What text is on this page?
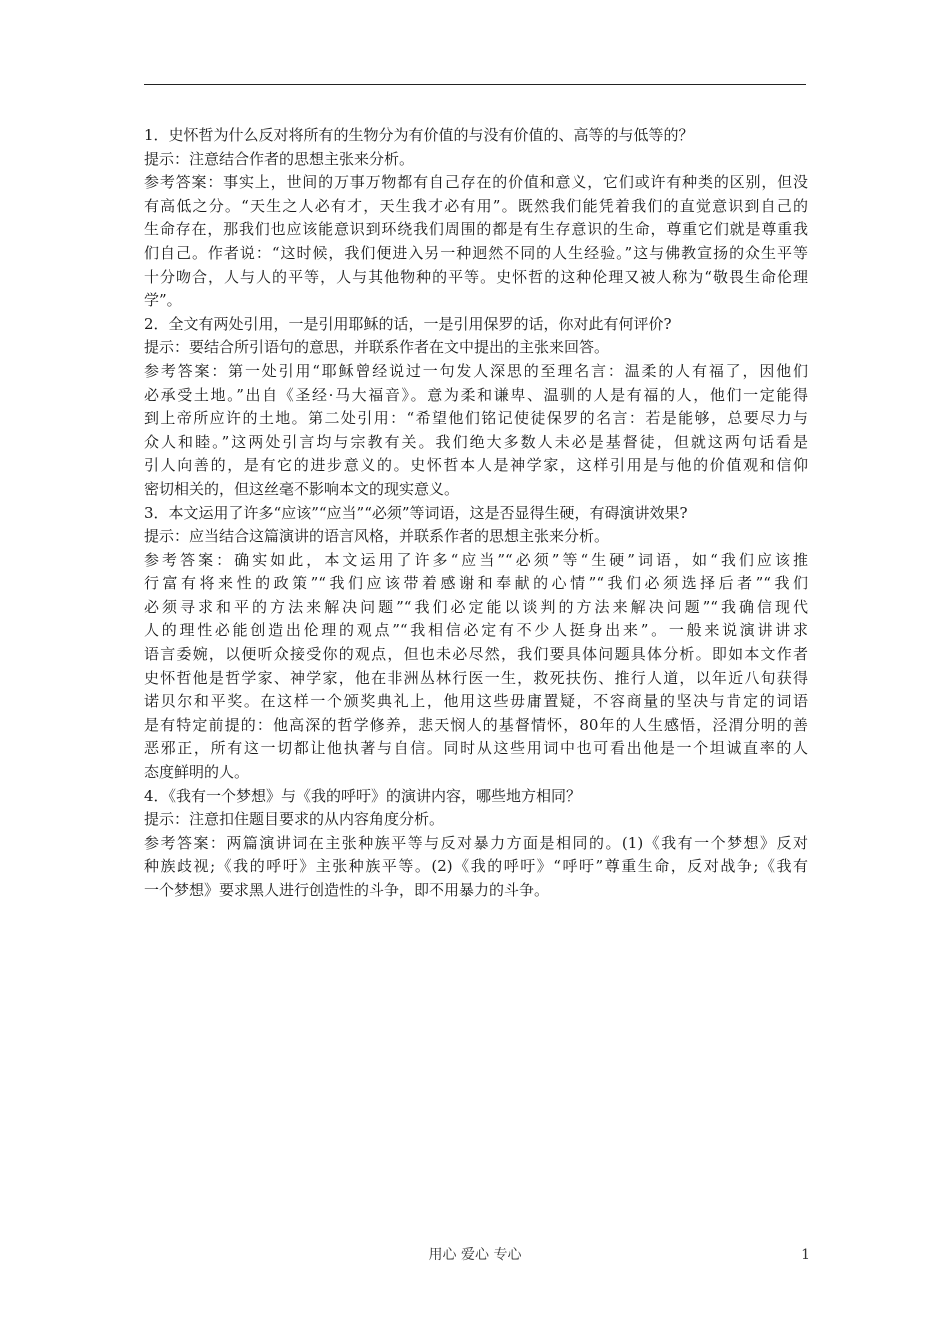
1．史怀哲为什么反对将所有的生物分为有价值的与没有价值的、高等的与低等的？
提示：注意结合作者的思想主张来分析。
参考答案：事实上，世间的万事万物都有自己存在的价值和意义，它们或许有种类的区别，但没
有高低之分。“天生之人必有才，天生我才必有用”。既然我们能凭着我们的直觉意识到自己的
生命存在，那我们也应该能意识到环绕我们周围的都是有生存意识的生命，尊重它们就是尊重我
们自己。作者说：“这时候，我们便进入另一种迥然不同的人生经验。”这与佛教宣扬的众生平等
十分吻合，人与人的平等，人与其他物种的平等。史怀哲的这种伦理又被人称为“敬畏生命伦理
学”。
2．全文有两处引用，一是引用耶稣的话，一是引用保罗的话，你对此有何评价?
提示：要结合所引语句的意思，并联系作者在文中提出的主张来回答。
参考答案：第一处引用“耶稣曾经说过一句发人深思的至理名言：温柔的人有福了，因他们
必承受土地。”出自《圣经·马大福音》。意为柔和谦卑、温驯的人是有福的人，他们一定能得
到上帝所应许的土地。第二处引用：“希望他们铭记使徒保罗的名言：若是能够，总要尽力与
众人和睦。”这两处引言均与宗教有关。我们绝大多数人未必是基督徒，但就这两句话看是
引人向善的，是有它的进步意义的。史怀哲本人是神学家，这样引用是与他的价值观和信仰
密切相关的，但这丝毫不影响本文的现实意义。
3．本文运用了许多“应该”“应当”“必须”等词语，这是否显得生硬，有碍演讲效果?
提示：应当结合这篇演讲的语言风格，并联系作者的思想主张来分析。
参考答案：确实如此，本文运用了许多“应当”“必须”等“生硬”词语，如“我们应该推
行富有将来性的政策”“我们应该带着感谢和奉献的心情”“我们必须选择后者”“我们
必须寻求和平的方法来解决问题”“我们必定能以谈判的方法来解决问题”“我确信现代
人的理性必能创造出伦理的观点”“我相信必定有不少人挺身出来”。一般来说演讲讲求
语言委婉，以便听众接受你的观点，但也未必尽然，我们要具体问题具体分析。即如本文作者
史怀哲他是哲学家、神学家，他在非洲丛林行医一生，救死扶伤、推行人道，以年近八旬获得
诺贝尔和平奖。在这样一个颁奖典礼上，他用这些毋庸置疑，不容商量的坚决与肯定的词语
是有特定前提的：他高深的哲学修养，悲天悯人的基督情怀，80年的人生感悟，泾渭分明的善
恶邪正，所有这一切都让他执著与自信。同时从这些用词中也可看出他是一个坦诚直率的人
态度鲜明的人。
4．《我有一个梦想》与《我的呼吁》的演讲内容，哪些地方相同？
提示：注意扣住题目要求的从内容角度分析。
参考答案：两篇演讲词在主张种族平等与反对暴力方面是相同的。(1)《我有一个梦想》反对
种族歧视;《我的呼吁》主张种族平等。(2)《我的呼吁》“呼吁”尊重生命，反对战争;《我有
一个梦想》要求黑人进行创造性的斗争，即不用暴力的斗争。
用心 爱心 专心	1
